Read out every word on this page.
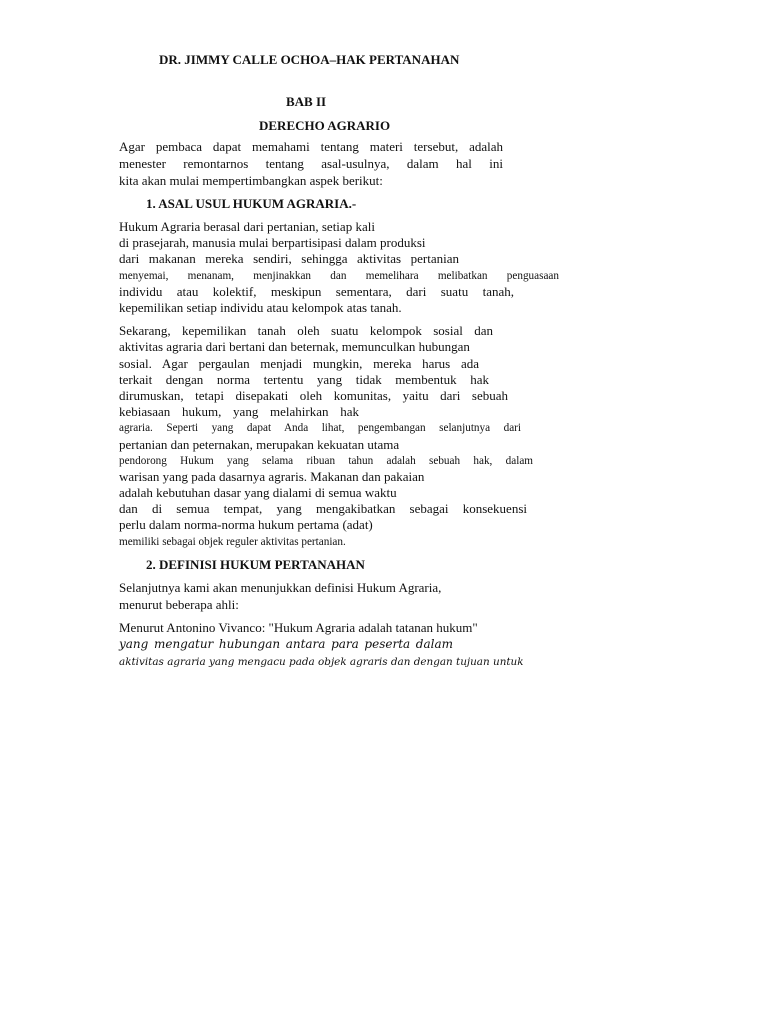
DR. JIMMY CALLE OCHOA–HAK PERTANAHAN
BAB II
DERECHO AGRARIO
Agar pembaca dapat memahami tentang materi tersebut, adalah
menester remontarnos tentang asal-usulnya, dalam hal ini
kita akan mulai mempertimbangkan aspek berikut:
1. ASAL USUL HUKUM AGRARIA.-
Hukum Agraria berasal dari pertanian, setiap kali
di prasejarah, manusia mulai berpartisipasi dalam produksi
dari makanan mereka sendiri, sehingga aktivitas pertanian
menyemai, menanam, menjinakkan dan memelihara melibatkan penguasaan
individu atau kolektif, meskipun sementara, dari suatu tanah,
kepemilikan setiap individu atau kelompok atas tanah.
Sekarang, kepemilikan tanah oleh suatu kelompok sosial dan
aktivitas agraria dari bertani dan beternak, memunculkan hubungan
sosial. Agar pergaulan menjadi mungkin, mereka harus ada
terkait dengan norma tertentu yang tidak membentuk hak
dirumuskan, tetapi disepakati oleh komunitas, yaitu dari sebuah
kebiasaan hukum, yang melahirkan hak
agraria. Seperti yang dapat Anda lihat, pengembangan selanjutnya dari
pertanian dan peternakan, merupakan kekuatan utama
pendorong Hukum yang selama ribuan tahun adalah sebuah hak, dalam
warisan yang pada dasarnya agraris. Makanan dan pakaian
adalah kebutuhan dasar yang dialami di semua waktu
dan di semua tempat, yang mengakibatkan sebagai konsekuensi
perlu dalam norma-norma hukum pertama (adat)
memiliki sebagai objek reguler aktivitas pertanian.
2. DEFINISI HUKUM PERTANAHAN
Selanjutnya kami akan menunjukkan definisi Hukum Agraria,
menurut beberapa ahli:
Menurut Antonino Vivanco: "Hukum Agraria adalah tatanan hukum"
yang mengatur hubungan antara para peserta dalam
aktivitas agraria yang mengacu pada objek agraris dan dengan tujuan untuk
